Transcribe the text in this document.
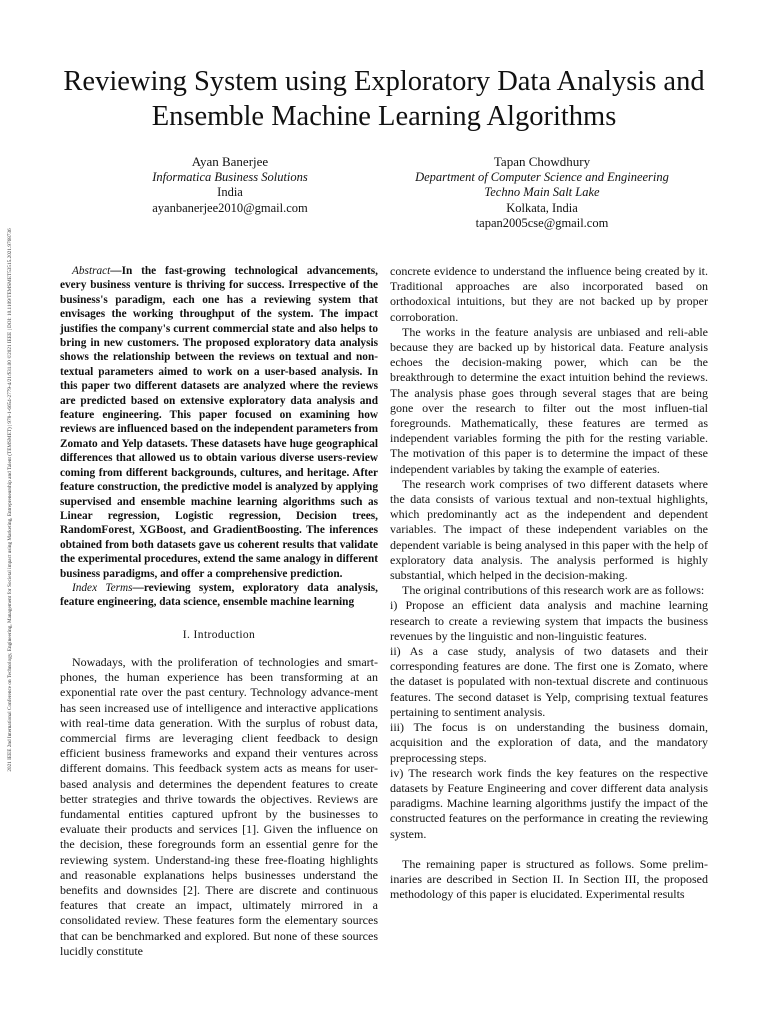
2021 IEEE 2nd International Conference on Technology, Engineering, Management for Societal impact using Marketing, Entrepreneurship and Talent (TEMSMET) | 978-1-6654-2779-4/21/$31.00 ©2021 IEEE | DOI: 10.1109/TEMSMET53515.2021.9768736
Reviewing System using Exploratory Data Analysis and Ensemble Machine Learning Algorithms
Ayan Banerjee
Informatica Business Solutions
India
ayanbanerjee2010@gmail.com
Tapan Chowdhury
Department of Computer Science and Engineering
Techno Main Salt Lake
Kolkata, India
tapan2005cse@gmail.com

Abstract—In the fast-growing technological advancements, every business venture is thriving for success. Irrespective of the business's paradigm, each one has a reviewing system that envisages the working throughput of the system. The impact justifies the company's current commercial state and also helps to bring in new customers. The proposed exploratory data analysis shows the relationship between the reviews on textual and non-textual parameters aimed to work on a user-based analysis. In this paper two different datasets are analyzed where the reviews are predicted based on extensive exploratory data analysis and feature engineering. This paper focused on examining how reviews are influenced based on the independent parameters from Zomato and Yelp datasets. These datasets have huge geographical differences that allowed us to obtain various diverse users-review coming from different backgrounds, cultures, and heritage. After feature construction, the predictive model is analyzed by applying supervised and ensemble machine learning algorithms such as Linear regression, Logistic regression, Decision trees, RandomForest, XGBoost, and GradientBoosting. The inferences obtained from both datasets gave us coherent results that validate the experimental procedures, extend the same analogy in different business paradigms, and offer a comprehensive prediction.

Index Terms—reviewing system, exploratory data analysis, feature engineering, data science, ensemble machine learning

I. Introduction

Nowadays, with the proliferation of technologies and smart-phones, the human experience has been transforming at an exponential rate over the past century. Technology advance-ment has seen increased use of intelligence and interactive applications with real-time data generation. With the surplus of robust data, commercial firms are leveraging client feedback to design efficient business frameworks and expand their ventures across different domains. This feedback system acts as means for user-based analysis and determines the dependent features to create better strategies and thrive towards the objectives. Reviews are fundamental entities captured upfront by the businesses to evaluate their products and services [1]. Given the influence on the decision, these foregrounds form an essential genre for the reviewing system. Understand-ing these free-floating highlights and reasonable explanations helps businesses understand the benefits and downsides [2]. There are discrete and continuous features that create an impact, ultimately mirrored in a consolidated review. These features form the elementary sources that can be benchmarked and explored. But none of these sources lucidly constitute

concrete evidence to understand the influence being created by it. Traditional approaches are also incorporated based on orthodoxical intuitions, but they are not backed up by proper corroboration.

The works in the feature analysis are unbiased and reli-able because they are backed up by historical data. Feature analysis echoes the decision-making power, which can be the breakthrough to determine the exact intuition behind the reviews. The analysis phase goes through several stages that are being gone over the research to filter out the most influen-tial foregrounds. Mathematically, these features are termed as independent variables forming the pith for the resting variable. The motivation of this paper is to determine the impact of these independent variables by taking the example of eateries.

The research work comprises of two different datasets where the data consists of various textual and non-textual highlights, which predominantly act as the independent and dependent variables. The impact of these independent variables on the dependent variable is being analysed in this paper with the help of exploratory data analysis. The analysis performed is highly substantial, which helped in the decision-making.

The original contributions of this research work are as follows:

i) Propose an efficient data analysis and machine learning research to create a reviewing system that impacts the business revenues by the linguistic and non-linguistic features.

ii) As a case study, analysis of two datasets and their corresponding features are done. The first one is Zomato, where the dataset is populated with non-textual discrete and continuous features. The second dataset is Yelp, comprising textual features pertaining to sentiment analysis.

iii) The focus is on understanding the business domain, acquisition and the exploration of data, and the mandatory preprocessing steps.

iv) The research work finds the key features on the respective datasets by Feature Engineering and cover different data analysis paradigms. Machine learning algorithms justify the impact of the constructed features on the performance in creating the reviewing system.

The remaining paper is structured as follows. Some prelim-inaries are described in Section II. In Section III, the proposed methodology of this paper is elucidated. Experimental results
